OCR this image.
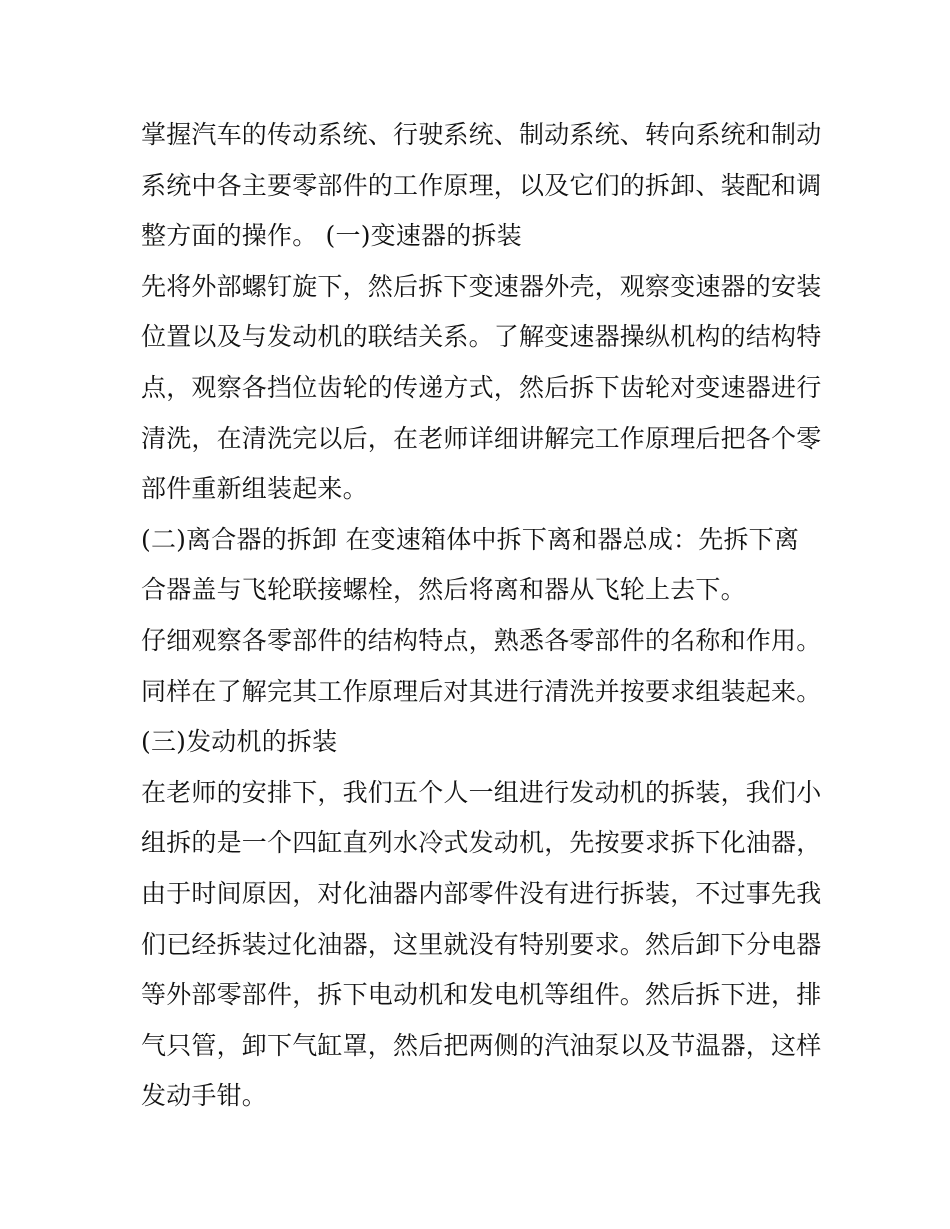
掌握汽车的传动系统、行驶系统、制动系统、转向系统和制动
系统中各主要零部件的工作原理，以及它们的拆卸、装配和调
整方面的操作。 (一)变速器的拆装
先将外部螺钉旋下，然后拆下变速器外壳，观察变速器的安装
位置以及与发动机的联结关系。了解变速器操纵机构的结构特
点，观察各挡位齿轮的传递方式，然后拆下齿轮对变速器进行
清洗，在清洗完以后，在老师详细讲解完工作原理后把各个零
部件重新组装起来。
(二)离合器的拆卸 在变速箱体中拆下离和器总成：先拆下离
合器盖与飞轮联接螺栓，然后将离和器从飞轮上去下。
仔细观察各零部件的结构特点，熟悉各零部件的名称和作用。
同样在了解完其工作原理后对其进行清洗并按要求组装起来。
(三)发动机的拆装
在老师的安排下，我们五个人一组进行发动机的拆装，我们小
组拆的是一个四缸直列水冷式发动机，先按要求拆下化油器，
由于时间原因，对化油器内部零件没有进行拆装，不过事先我
们已经拆装过化油器，这里就没有特别要求。然后卸下分电器
等外部零部件，拆下电动机和发电机等组件。然后拆下进，排
气只管，卸下气缸罩，然后把两侧的汽油泵以及节温器，这样
发动手钳。
